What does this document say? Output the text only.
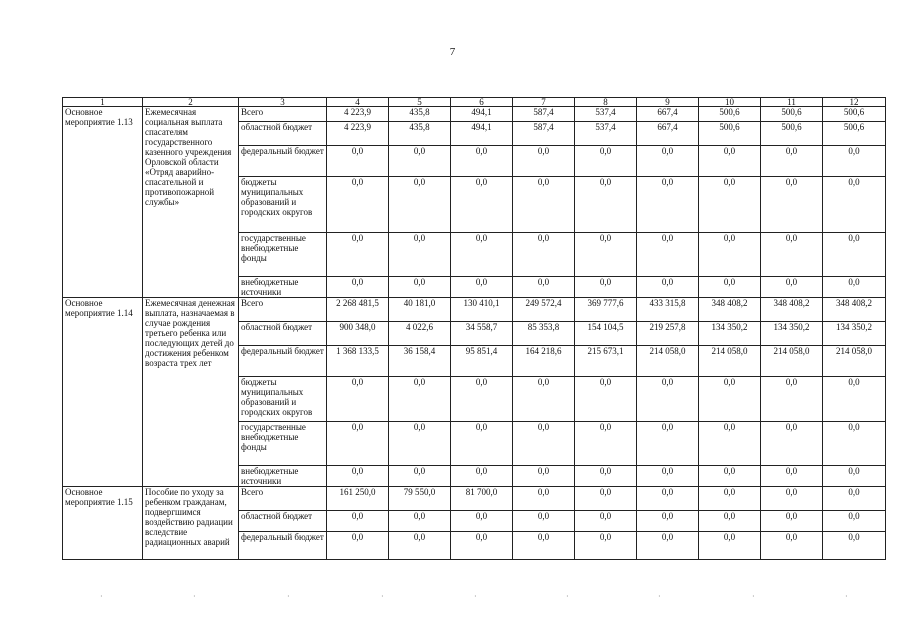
7
1	2	3	4	5	6	7	8	9	10	11	12
Основное мероприятие 1.13	Ежемесячная социальная выплата спасателям государственного казенного учреждения Орловской области «Отряд аварийно-спасательной и противопожарной службы»	Всего	4 223,9	435,8	494,1	587,4	537,4	667,4	500,6	500,6	500,6
		областной бюджет	4 223,9	435,8	494,1	587,4	537,4	667,4	500,6	500,6	500,6
		федеральный бюджет	0,0	0,0	0,0	0,0	0,0	0,0	0,0	0,0	0,0
		бюджеты муниципальных образований и городских округов	0,0	0,0	0,0	0,0	0,0	0,0	0,0	0,0	0,0
		государственные внебюджетные фонды	0,0	0,0	0,0	0,0	0,0	0,0	0,0	0,0	0,0
		внебюджетные источники	0,0	0,0	0,0	0,0	0,0	0,0	0,0	0,0	0,0
Основное мероприятие 1.14	Ежемесячная денежная выплата, назначаемая в случае рождения третьего ребенка или последующих детей до достижения ребенком возраста трех лет	Всего	2 268 481,5	40 181,0	130 410,1	249 572,4	369 777,6	433 315,8	348 408,2	348 408,2	348 408,2
		областной бюджет	900 348,0	4 022,6	34 558,7	85 353,8	154 104,5	219 257,8	134 350,2	134 350,2	134 350,2
		федеральный бюджет	1 368 133,5	36 158,4	95 851,4	164 218,6	215 673,1	214 058,0	214 058,0	214 058,0	214 058,0
		бюджеты муниципальных образований и городских округов	0,0	0,0	0,0	0,0	0,0	0,0	0,0	0,0	0,0
		государственные внебюджетные фонды	0,0	0,0	0,0	0,0	0,0	0,0	0,0	0,0	0,0
		внебюджетные источники	0,0	0,0	0,0	0,0	0,0	0,0	0,0	0,0	0,0
Основное мероприятие 1.15	Пособие по уходу за ребенком гражданам, подвергшимся воздействию радиации вследствие радиационных аварий	Всего	161 250,0	79 550,0	81 700,0	0,0	0,0	0,0	0,0	0,0	0,0
		областной бюджет	0,0	0,0	0,0	0,0	0,0	0,0	0,0	0,0	0,0
		федеральный бюджет	0,0	0,0	0,0	0,0	0,0	0,0	0,0	0,0	0,0
·	·	·	·	·	·	·	·	·
